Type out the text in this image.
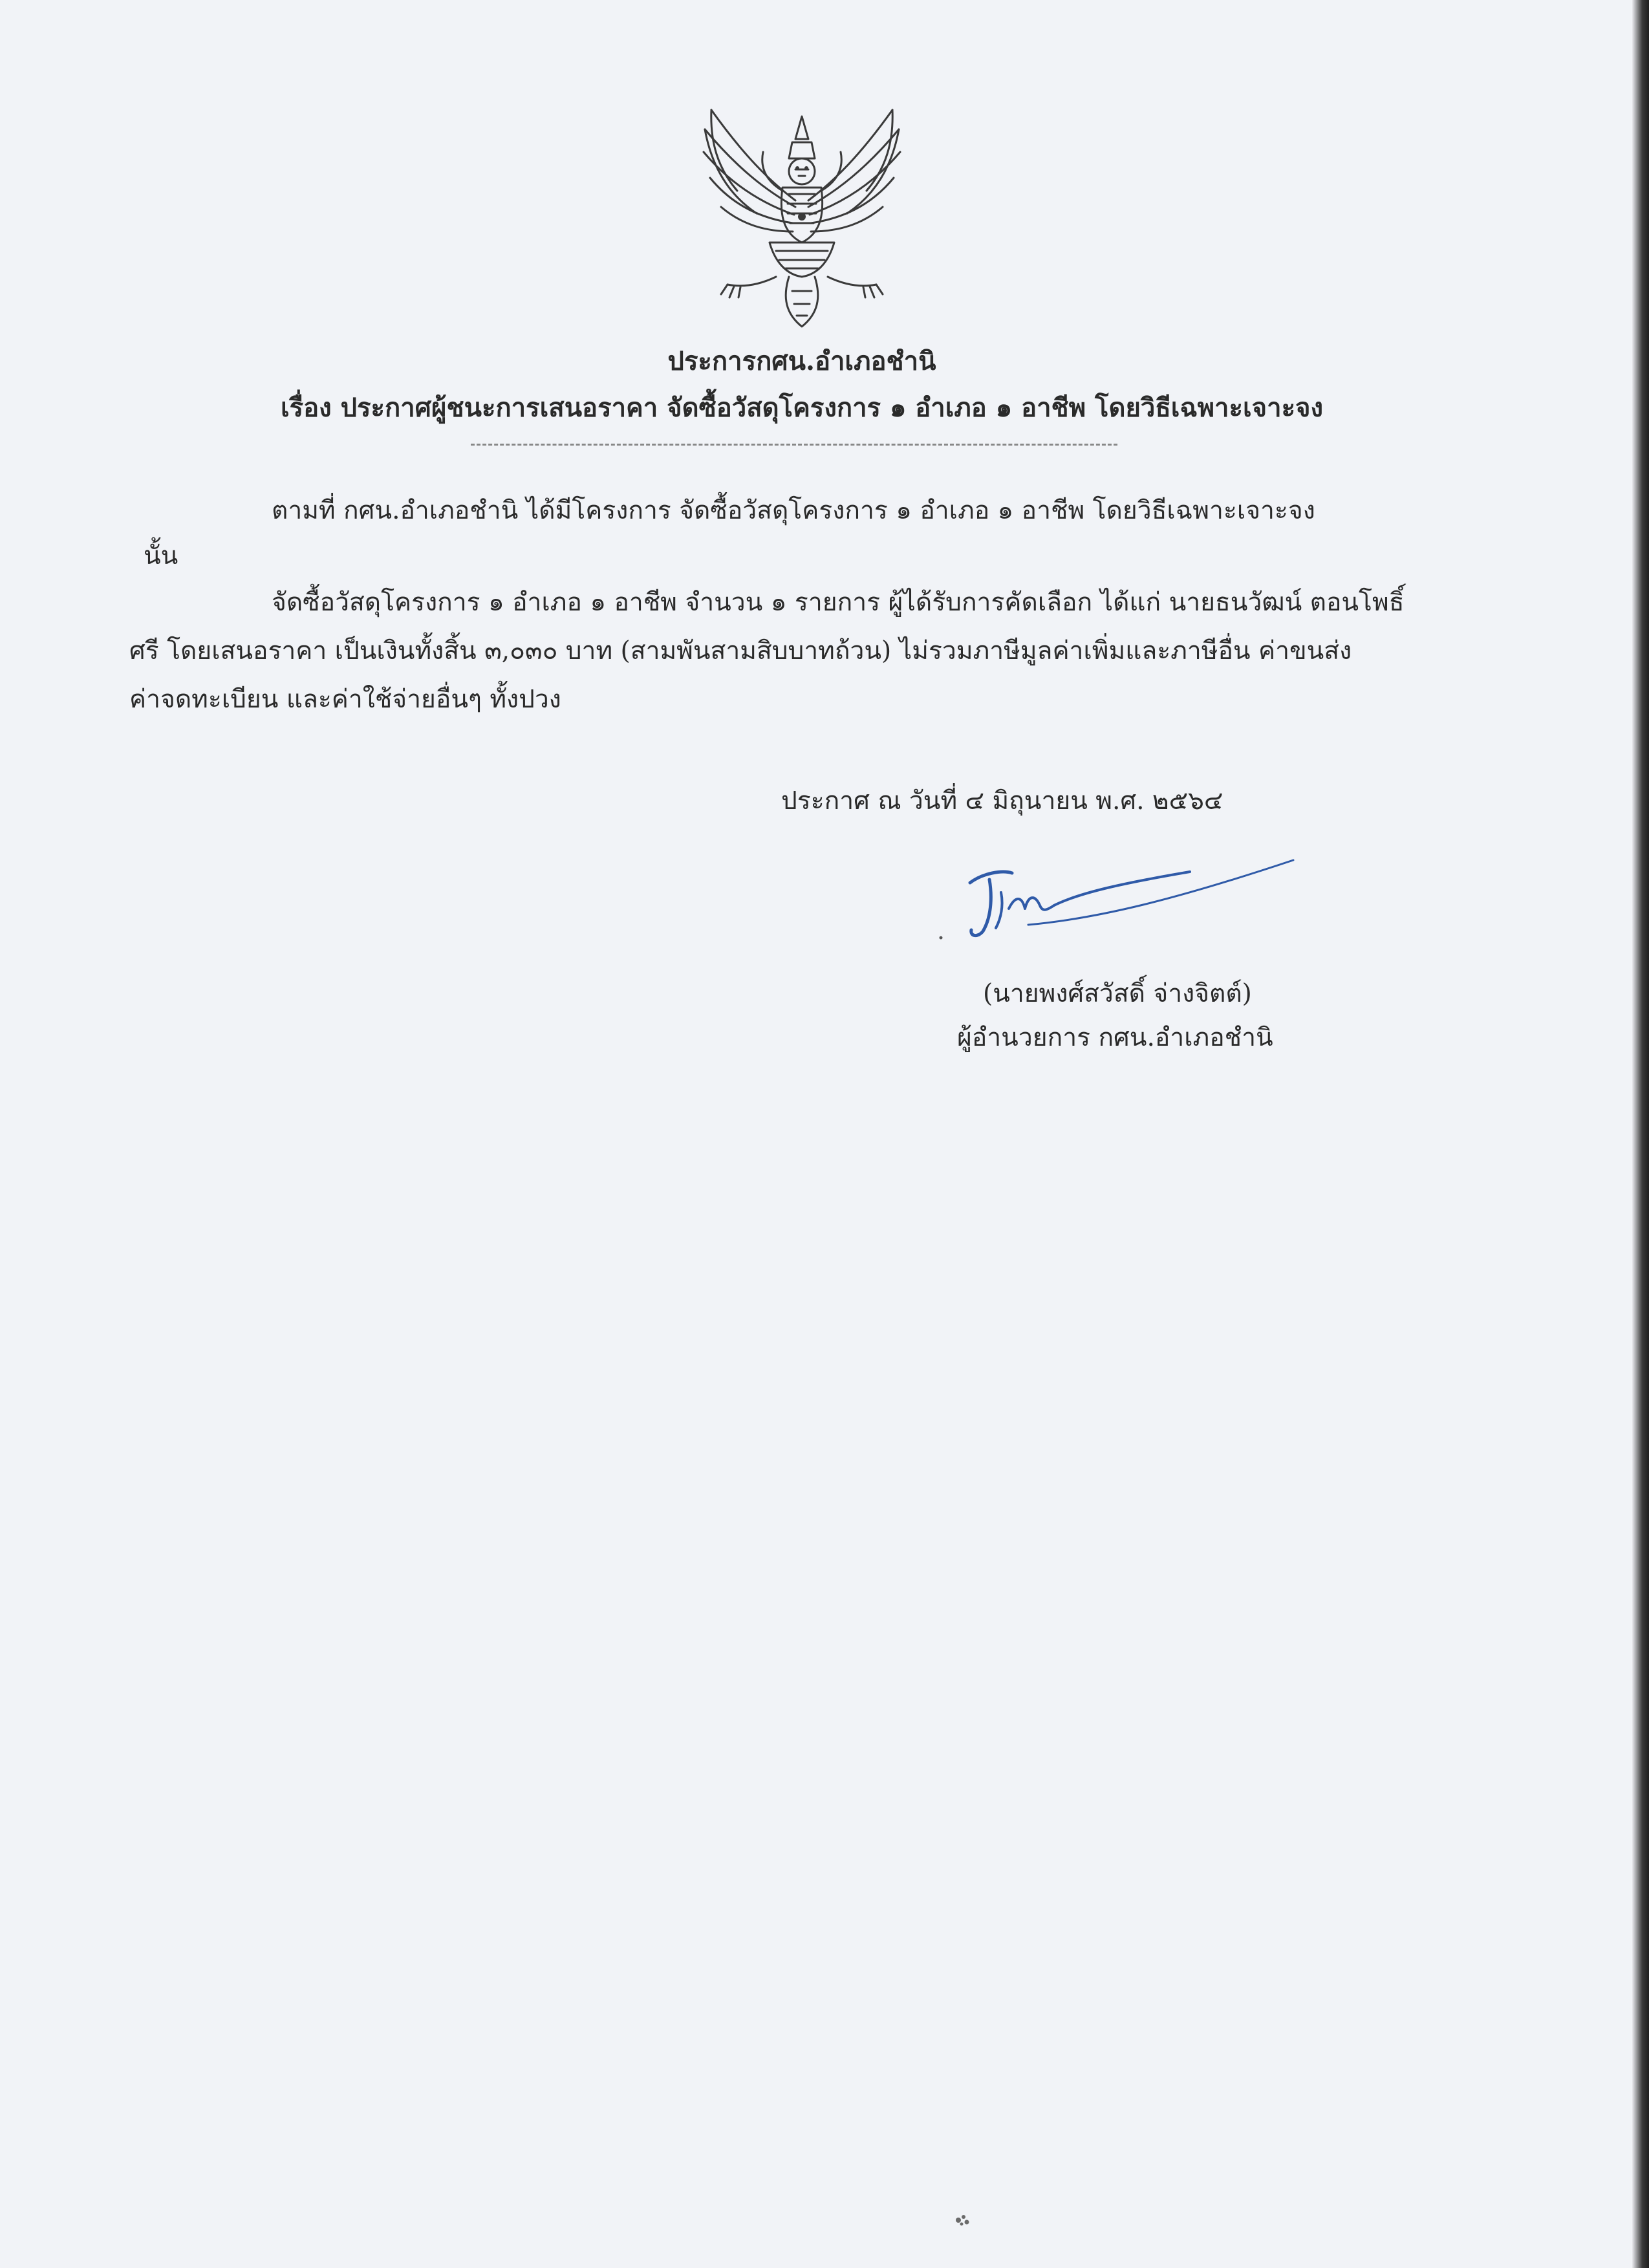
ประการกศน.อำเภอชำนิ
เรื่อง ประกาศผู้ชนะการเสนอราคา จัดซื้อวัสดุโครงการ ๑ อำเภอ ๑ อาชีพ โดยวิธีเฉพาะเจาะจง
ตามที่ กศน.อำเภอชำนิ ได้มีโครงการ จัดซื้อวัสดุโครงการ ๑ อำเภอ ๑ อาชีพ โดยวิธีเฉพาะเจาะจง
นั้น
จัดซื้อวัสดุโครงการ ๑ อำเภอ ๑ อาชีพ จำนวน ๑ รายการ ผู้ได้รับการคัดเลือก ได้แก่ นายธนวัฒน์ ตอนโพธิ์
ศรี โดยเสนอราคา เป็นเงินทั้งสิ้น ๓,๐๓๐ บาท (สามพันสามสิบบาทถ้วน) ไม่รวมภาษีมูลค่าเพิ่มและภาษีอื่น ค่าขนส่ง
ค่าจดทะเบียน และค่าใช้จ่ายอื่นๆ ทั้งปวง
ประกาศ ณ วันที่ ๔ มิถุนายน พ.ศ. ๒๕๖๔
(นายพงศ์สวัสดิ์ จ่างจิตต์)
ผู้อำนวยการ กศน.อำเภอชำนิ
